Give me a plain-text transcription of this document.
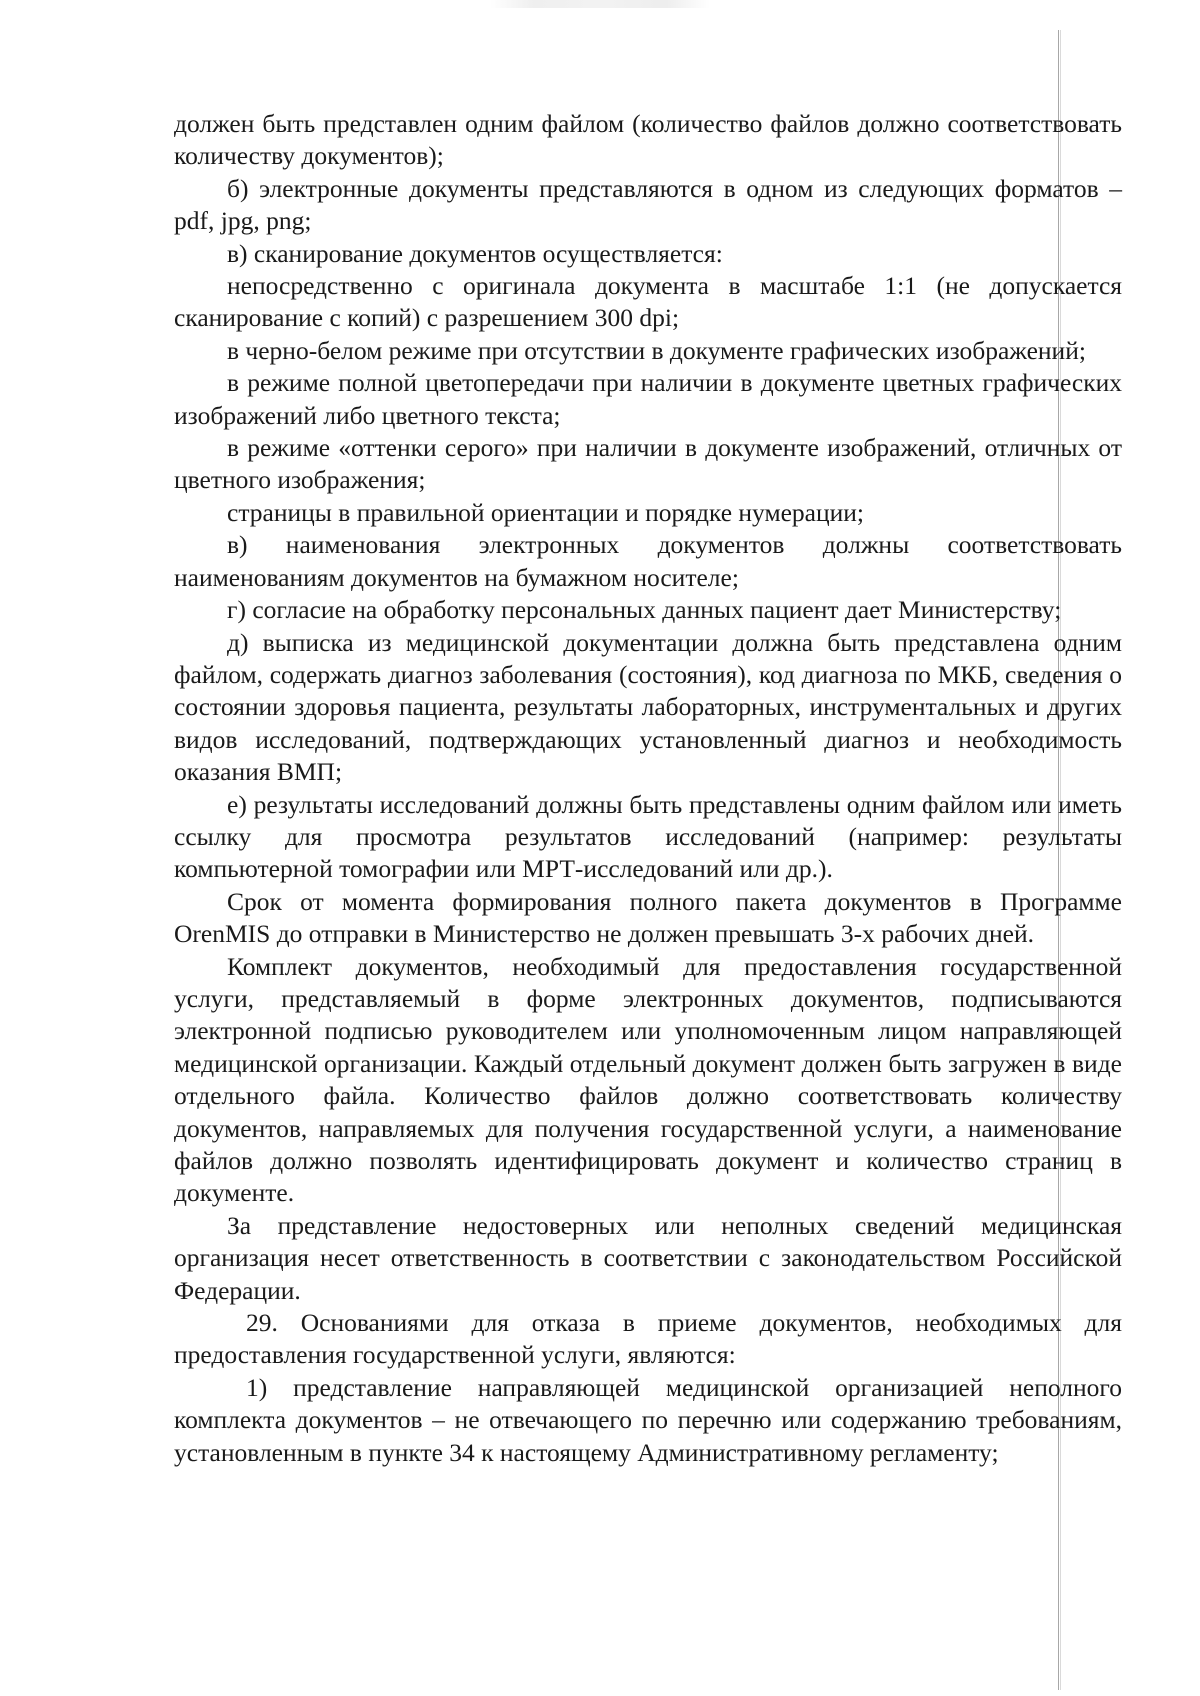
должен быть представлен одним файлом (количество файлов должно соответствовать количеству документов);

б) электронные документы представляются в одном из следующих форматов – pdf, jpg, png;

в) сканирование документов осуществляется:

непосредственно с оригинала документа в масштабе 1:1 (не допускается сканирование с копий) с разрешением 300 dpi;

в черно-белом режиме при отсутствии в документе графических изображений;

в режиме полной цветопередачи при наличии в документе цветных графических изображений либо цветного текста;

в режиме «оттенки серого» при наличии в документе изображений, отличных от цветного изображения;

страницы в правильной ориентации и порядке нумерации;

в) наименования электронных документов должны соответствовать наименованиям документов на бумажном носителе;

г) согласие на обработку персональных данных пациент дает Министерству;

д) выписка из медицинской документации должна быть представлена одним файлом, содержать диагноз заболевания (состояния), код диагноза по МКБ, сведения о состоянии здоровья пациента, результаты лабораторных, инструментальных и других видов исследований, подтверждающих установленный диагноз и необходимость оказания ВМП;

е) результаты исследований должны быть представлены одним файлом или иметь ссылку для просмотра результатов исследований (например: результаты компьютерной томографии или МРТ-исследований или др.).

Срок от момента формирования полного пакета документов в Программе OrenMIS до отправки в Министерство не должен превышать 3-х рабочих дней.

Комплект документов, необходимый для предоставления государственной услуги, представляемый в форме электронных документов, подписываются электронной подписью руководителем или уполномоченным лицом направляющей медицинской организации. Каждый отдельный документ должен быть загружен в виде отдельного файла. Количество файлов должно соответствовать количеству документов, направляемых для получения государственной услуги, а наименование файлов должно позволять идентифицировать документ и количество страниц в документе.

За представление недостоверных или неполных сведений медицинская организация несет ответственность в соответствии с законодательством Российской Федерации.

29. Основаниями для отказа в приеме документов, необходимых для предоставления государственной услуги, являются:

1) представление направляющей медицинской организацией неполного комплекта документов – не отвечающего по перечню или содержанию требованиям, установленным в пункте 34 к настоящему Административному регламенту;
